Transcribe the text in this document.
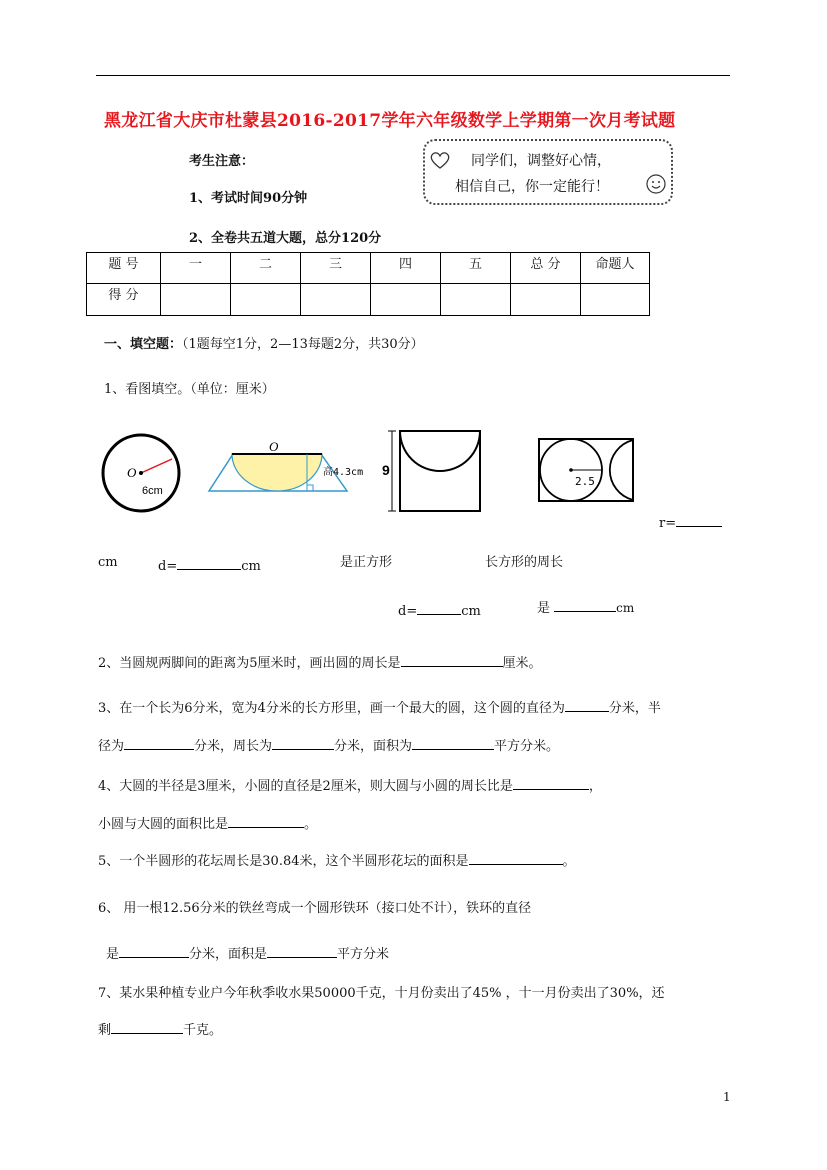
黑龙江省大庆市杜蒙县2016-2017学年六年级数学上学期第一次月考试题
考生注意：
1、考试时间90分钟
2、全卷共五道大题，总分120分
同学们，调整好心情，
相信自己，你一定能行！
题 号	一	二	三	四	五	总 分	命题人
得 分							
一、填空题：（1题每空1分，2—13每题2分，共30分）
1、看图填空。（单位：厘米）
O
6cm
O
高4.3cm 9
2.5
r=
cm	d=	cm	是正方形	长方形的周长
d=	cm	是	cm
2、当圆规两脚间的距离为5厘米时，画出圆的周长是	厘米。
3、在一个长为6分米，宽为4分米的长方形里，画一个最大的圆，这个圆的直径为	分米，半
径为	分米，周长为	分米，面积为	平方分米。
4、大圆的半径是3厘米，小圆的直径是2厘米，则大圆与小圆的周长比是	，
小圆与大圆的面积比是	。
5、一个半圆形的花坛周长是30.84米，这个半圆形花坛的面积是	。
6、 用一根12.56分米的铁丝弯成一个圆形铁环（接口处不计），铁环的直径
是	分米，面积是	平方分米
7、某水果种植专业户今年秋季收水果50000千克，十月份卖出了45% ，十一月份卖出了30%，还
剩	千克。
1
